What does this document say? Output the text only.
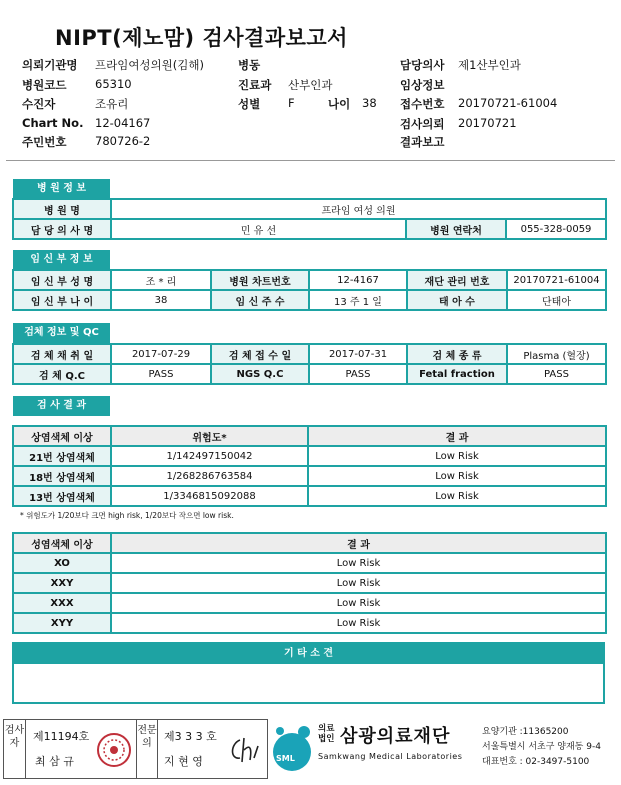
NIPT(제노맘) 검사결과보고서
의뢰기관명 프라임여성의원(김해)
병원코드 65310
수진자	조유리
Chart No. 12-04167
주민번호 780726-2
병동
진료과 산부인과
성별 F	나이 38
담당의사 제1산부인과
임상정보
접수번호 20170721-61004
검사의뢰 20170721
결과보고
병 원 정 보
병 원 명	프라임 여성 의원		
담 당 의 사 명	민 유 선	병원 연락처	055-328-0059
임 신 부 정 보
임 신 부 성 명	조 * 리	병원 차트번호	12-4167	재단 관리 번호	20170721-61004
임 신 부 나 이	38	임 신 주 수	13 주 1 일	태 아 수	단태아
검체 정보 및 QC
검 체 채 취 일	2017-07-29	검 체 접 수 일	2017-07-31	검 체 종 류	Plasma (혈장)
검 체 Q.C	PASS	NGS Q.C	PASS	Fetal fraction	PASS
검 사 결 과
상염색체 이상	위험도*	결 과
21번 상염색체	1/142497150042	Low Risk
18번 상염색체	1/268286763584	Low Risk
13번 상염색체	1/3346815092088	Low Risk
* 위험도가 1/20보다 크면 high risk, 1/20보다 작으면 low risk.
성염색체 이상	결 과
XO	Low Risk
XXY	Low Risk
XXX	Low Risk
XYY	Low Risk
기 타 소 견
검사자
제11194호
최 삼 규
전문의
제3 3 3 호
지 현 영	SML
의료법인 삼광의료재단
Samkwang Medical Laboratories
요양기관 :11365200
서울특별시 서초구 양재동 9-4
대표번호 : 02-3497-5100
